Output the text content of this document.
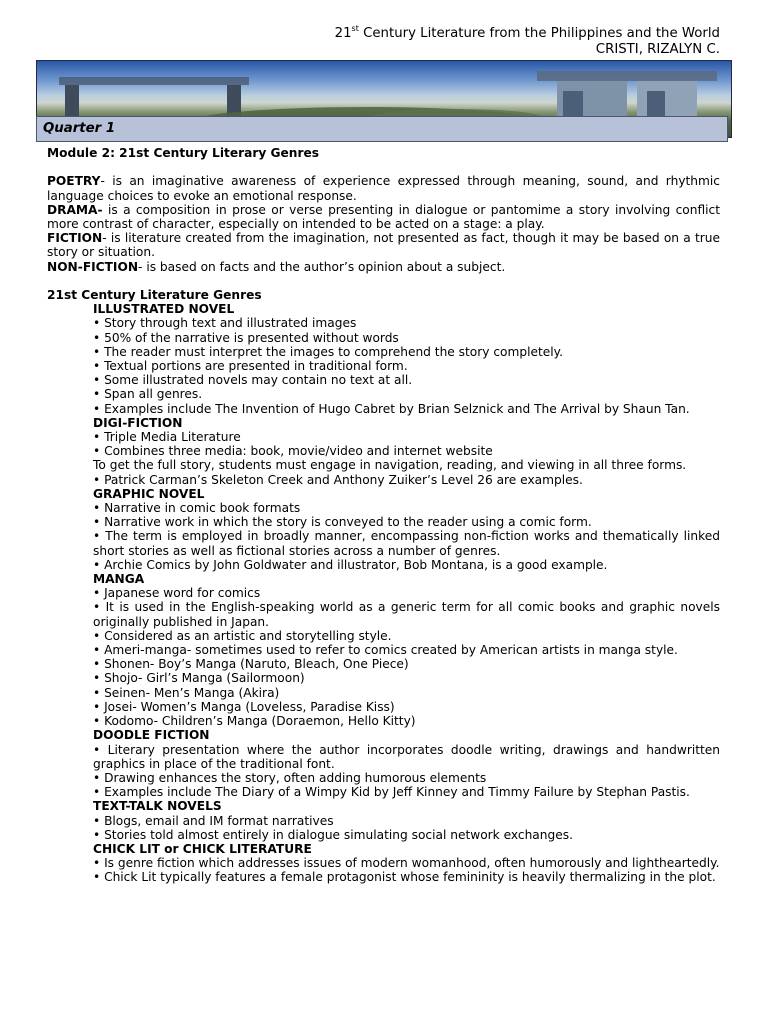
21st Century Literature from the Philippines and the World
CRISTI, RIZALYN C.
Quarter 1

Module 2: 21st Century Literary Genres

POETRY- is an imaginative awareness of experience expressed through meaning, sound, and rhythmic language choices to evoke an emotional response.

DRAMA- is a composition in prose or verse presenting in dialogue or pantomime a story involving conflict more contrast of character, especially on intended to be acted on a stage: a play.

FICTION- is literature created from the imagination, not presented as fact, though it may be based on a true story or situation.

NON-FICTION- is based on facts and the author’s opinion about a subject.

21st Century Literature Genres

ILLUSTRATED NOVEL

• Story through text and illustrated images

• 50% of the narrative is presented without words

• The reader must interpret the images to comprehend the story completely.

• Textual portions are presented in traditional form.

• Some illustrated novels may contain no text at all.

• Span all genres.

• Examples include The Invention of Hugo Cabret by Brian Selznick and The Arrival by Shaun Tan.

DIGI-FICTION

• Triple Media Literature

• Combines three media: book, movie/video and internet website

To get the full story, students must engage in navigation, reading, and viewing in all three forms.

• Patrick Carman’s Skeleton Creek and Anthony Zuiker’s Level 26 are examples.

GRAPHIC NOVEL

• Narrative in comic book formats

• Narrative work in which the story is conveyed to the reader using a comic form.

• The term is employed in broadly manner, encompassing non-fiction works and thematically linked short stories as well as fictional stories across a number of genres.

• Archie Comics by John Goldwater and illustrator, Bob Montana, is a good example.

MANGA

• Japanese word for comics

• It is used in the English-speaking world as a generic term for all comic books and graphic novels originally published in Japan.

• Considered as an artistic and storytelling style.

• Ameri-manga- sometimes used to refer to comics created by American artists in manga style.

• Shonen- Boy’s Manga (Naruto, Bleach, One Piece)

• Shojo- Girl’s Manga (Sailormoon)

• Seinen- Men’s Manga (Akira)

• Josei- Women’s Manga (Loveless, Paradise Kiss)

• Kodomo- Children’s Manga (Doraemon, Hello Kitty)

DOODLE FICTION

• Literary presentation where the author incorporates doodle writing, drawings and handwritten graphics in place of the traditional font.

• Drawing enhances the story, often adding humorous elements

• Examples include The Diary of a Wimpy Kid by Jeff Kinney and Timmy Failure by Stephan Pastis.

TEXT-TALK NOVELS

• Blogs, email and IM format narratives

• Stories told almost entirely in dialogue simulating social network exchanges.

CHICK LIT or CHICK LITERATURE

• Is genre fiction which addresses issues of modern womanhood, often humorously and lightheartedly.

• Chick Lit typically features a female protagonist whose femininity is heavily thermalizing in the plot.
